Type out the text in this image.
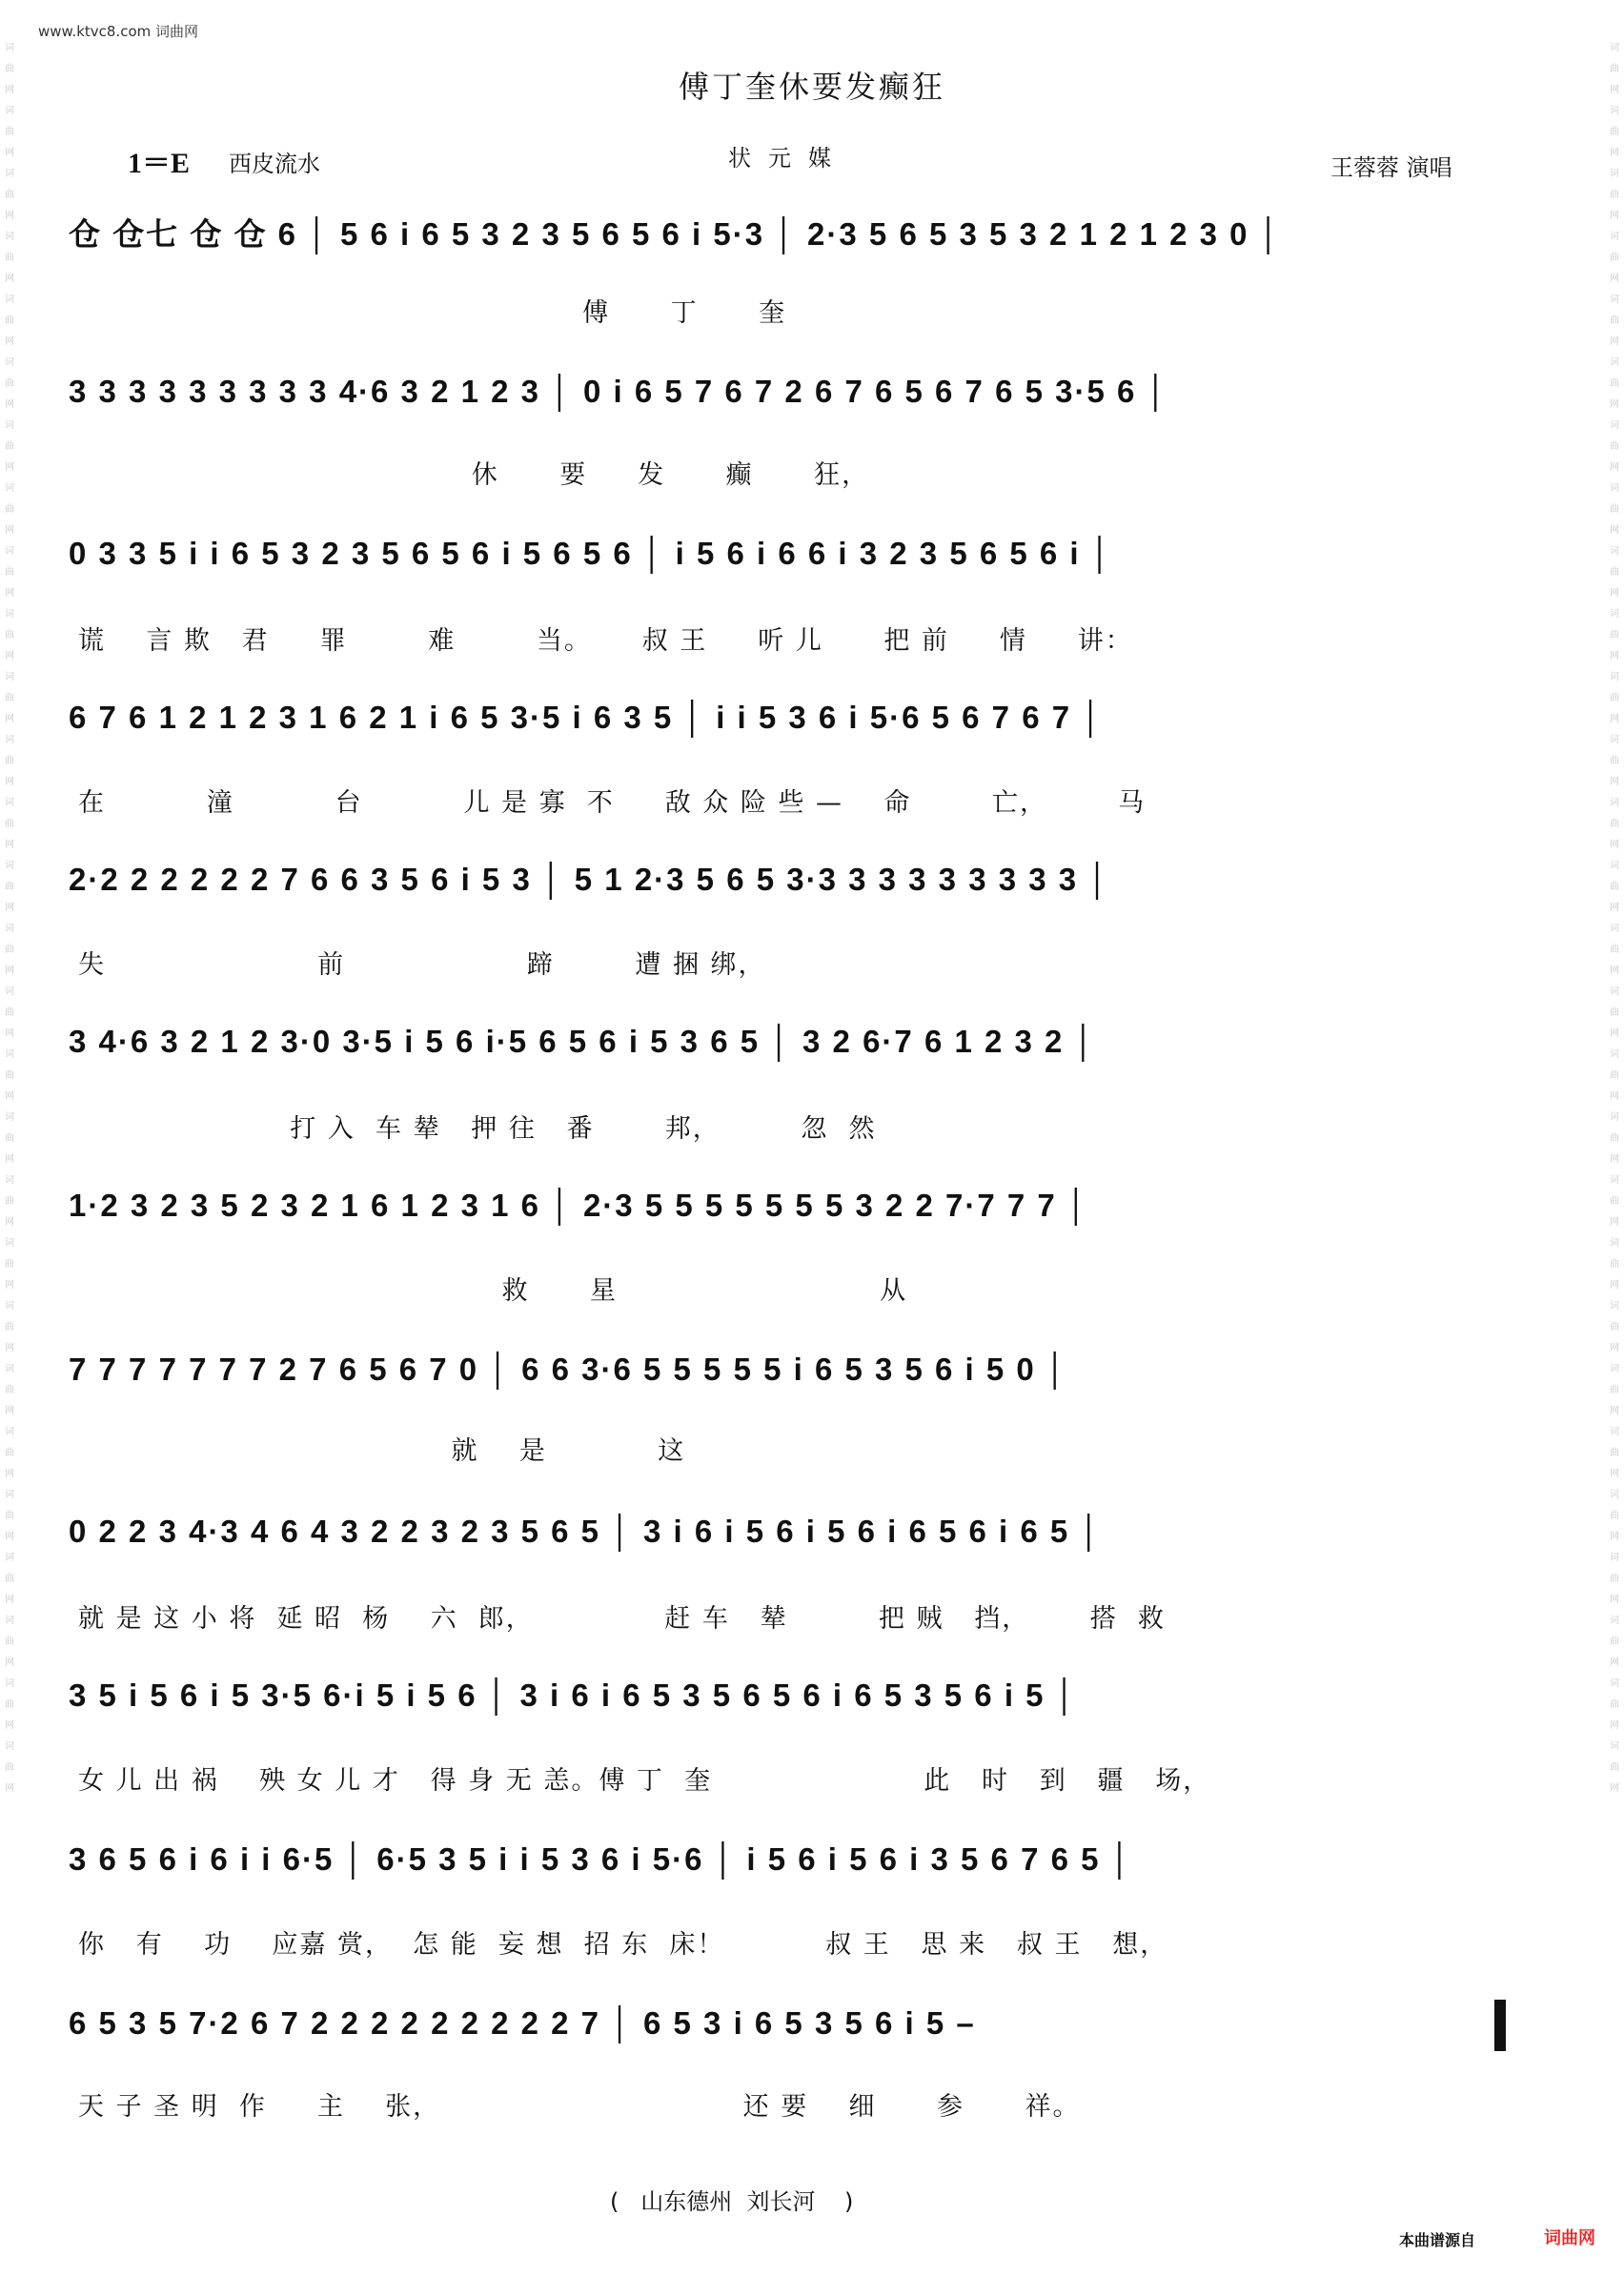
www.ktvc8.com 词曲网
词曲网词曲网词曲网词曲网词曲网词曲网词曲网词曲网词曲网词曲网词曲网词曲网词曲网词曲网词曲网词曲网词曲网词曲网词曲网词曲网词曲网词曲网词曲网词曲网词曲网词曲网词曲网词曲网
词曲网词曲网词曲网词曲网词曲网词曲网词曲网词曲网词曲网词曲网词曲网词曲网词曲网词曲网词曲网词曲网词曲网词曲网词曲网词曲网词曲网词曲网词曲网词曲网词曲网词曲网词曲网词曲网
傅丁奎休要发癫狂
1＝E 西皮流水	状元媒	王蓉蓉 演唱
仓 仓七 仓 仓 6 │ 5 6 i 6 5 3 2 3 5 6 5 6 i 5·3 │ 2·3 5 6 5 3 5 3 2 1 2 1 2 3 0 │
傅      丁      奎
3 3 3 3 3 3 3 3 3 4·6 3 2 1 2 3 │ 0 i 6 5 7 6 7 2 6 7 6 5 6 7 6 5 3·5 6 │
休      要     发      癫      狂，
0 3 3 5 i i 6 5 3 2 3 5 6 5 6 i 5 6 5 6 │ i 5 6 i 6 6 i 3 2 3 5 6 5 6 i │
谎    言 欺   君     罪        难        当。     叔 王     听 儿      把 前     情     讲：
6 7 6 1 2 1 2 3 1 6 2 1 i 6 5 3·5 i 6 3 5 │ i i 5 3 6 i 5·6 5 6 7 6 7 │
在          潼          台          儿 是 寡  不     敌 众 险 些 —    命        亡，       马
2·2 2 2 2 2 2 7 6 6 3 5 6 i 5 3 │ 5 1 2·3 5 6 5 3·3 3 3 3 3 3 3 3 3 │
失                     前                  蹄        遭 捆 绑，
3 4·6 3 2 1 2 3·0 3·5 i 5 6 i·5 6 5 6 i 5 3 6 5 │ 3 2 6·7 6 1 2 3 2 │
打 入  车 辇   押 往   番       邦，        忽  然
1·2 3 2 3 5 2 3 2 1 6 1 2 3 1 6 │ 2·3 5 5 5 5 5 5 5 3 2 2 7·7 7 7 │
救      星                          从
7 7 7 7 7 7 7 2 7 6 5 6 7 0 │ 6 6 3·6 5 5 5 5 5 i 6 5 3 5 6 i 5 0 │
就    是           这
0 2 2 3 4·3 4 6 4 3 2 2 3 2 3 5 6 5 │ 3 i 6 i 5 6 i 5 6 i 6 5 6 i 6 5 │
就 是 这 小 将  延 昭  杨    六  郎，             赶 车   辇         把 贼   挡，      搭  救
3 5 i 5 6 i 5 3·5 6·i 5 i 5 6 │ 3 i 6 i 6 5 3 5 6 5 6 i 6 5 3 5 6 i 5 │
女 儿 出 祸    殃 女 儿 才   得 身 无 恙。傅 丁  奎                     此   时   到   疆   场，
3 6 5 6 i 6 i i 6·5 │ 6·5 3 5 i i 5 3 6 i 5·6 │ i 5 6 i 5 6 i 3 5 6 7 6 5 │
你   有    功    应嘉 赏，  怎 能  妄 想  招 东  床！          叔 王   思 来   叔 王   想，
6 5 3 5 7·2 6 7 2 2 2 2 2 2 2 2 2 7 │ 6 5 3 i 6 5 3 5 6 i 5 –
天 子 圣 明  作     主    张，                              还 要    细      参      祥。
(   山东德州  刘长河    )
本曲谱源自	词曲网
